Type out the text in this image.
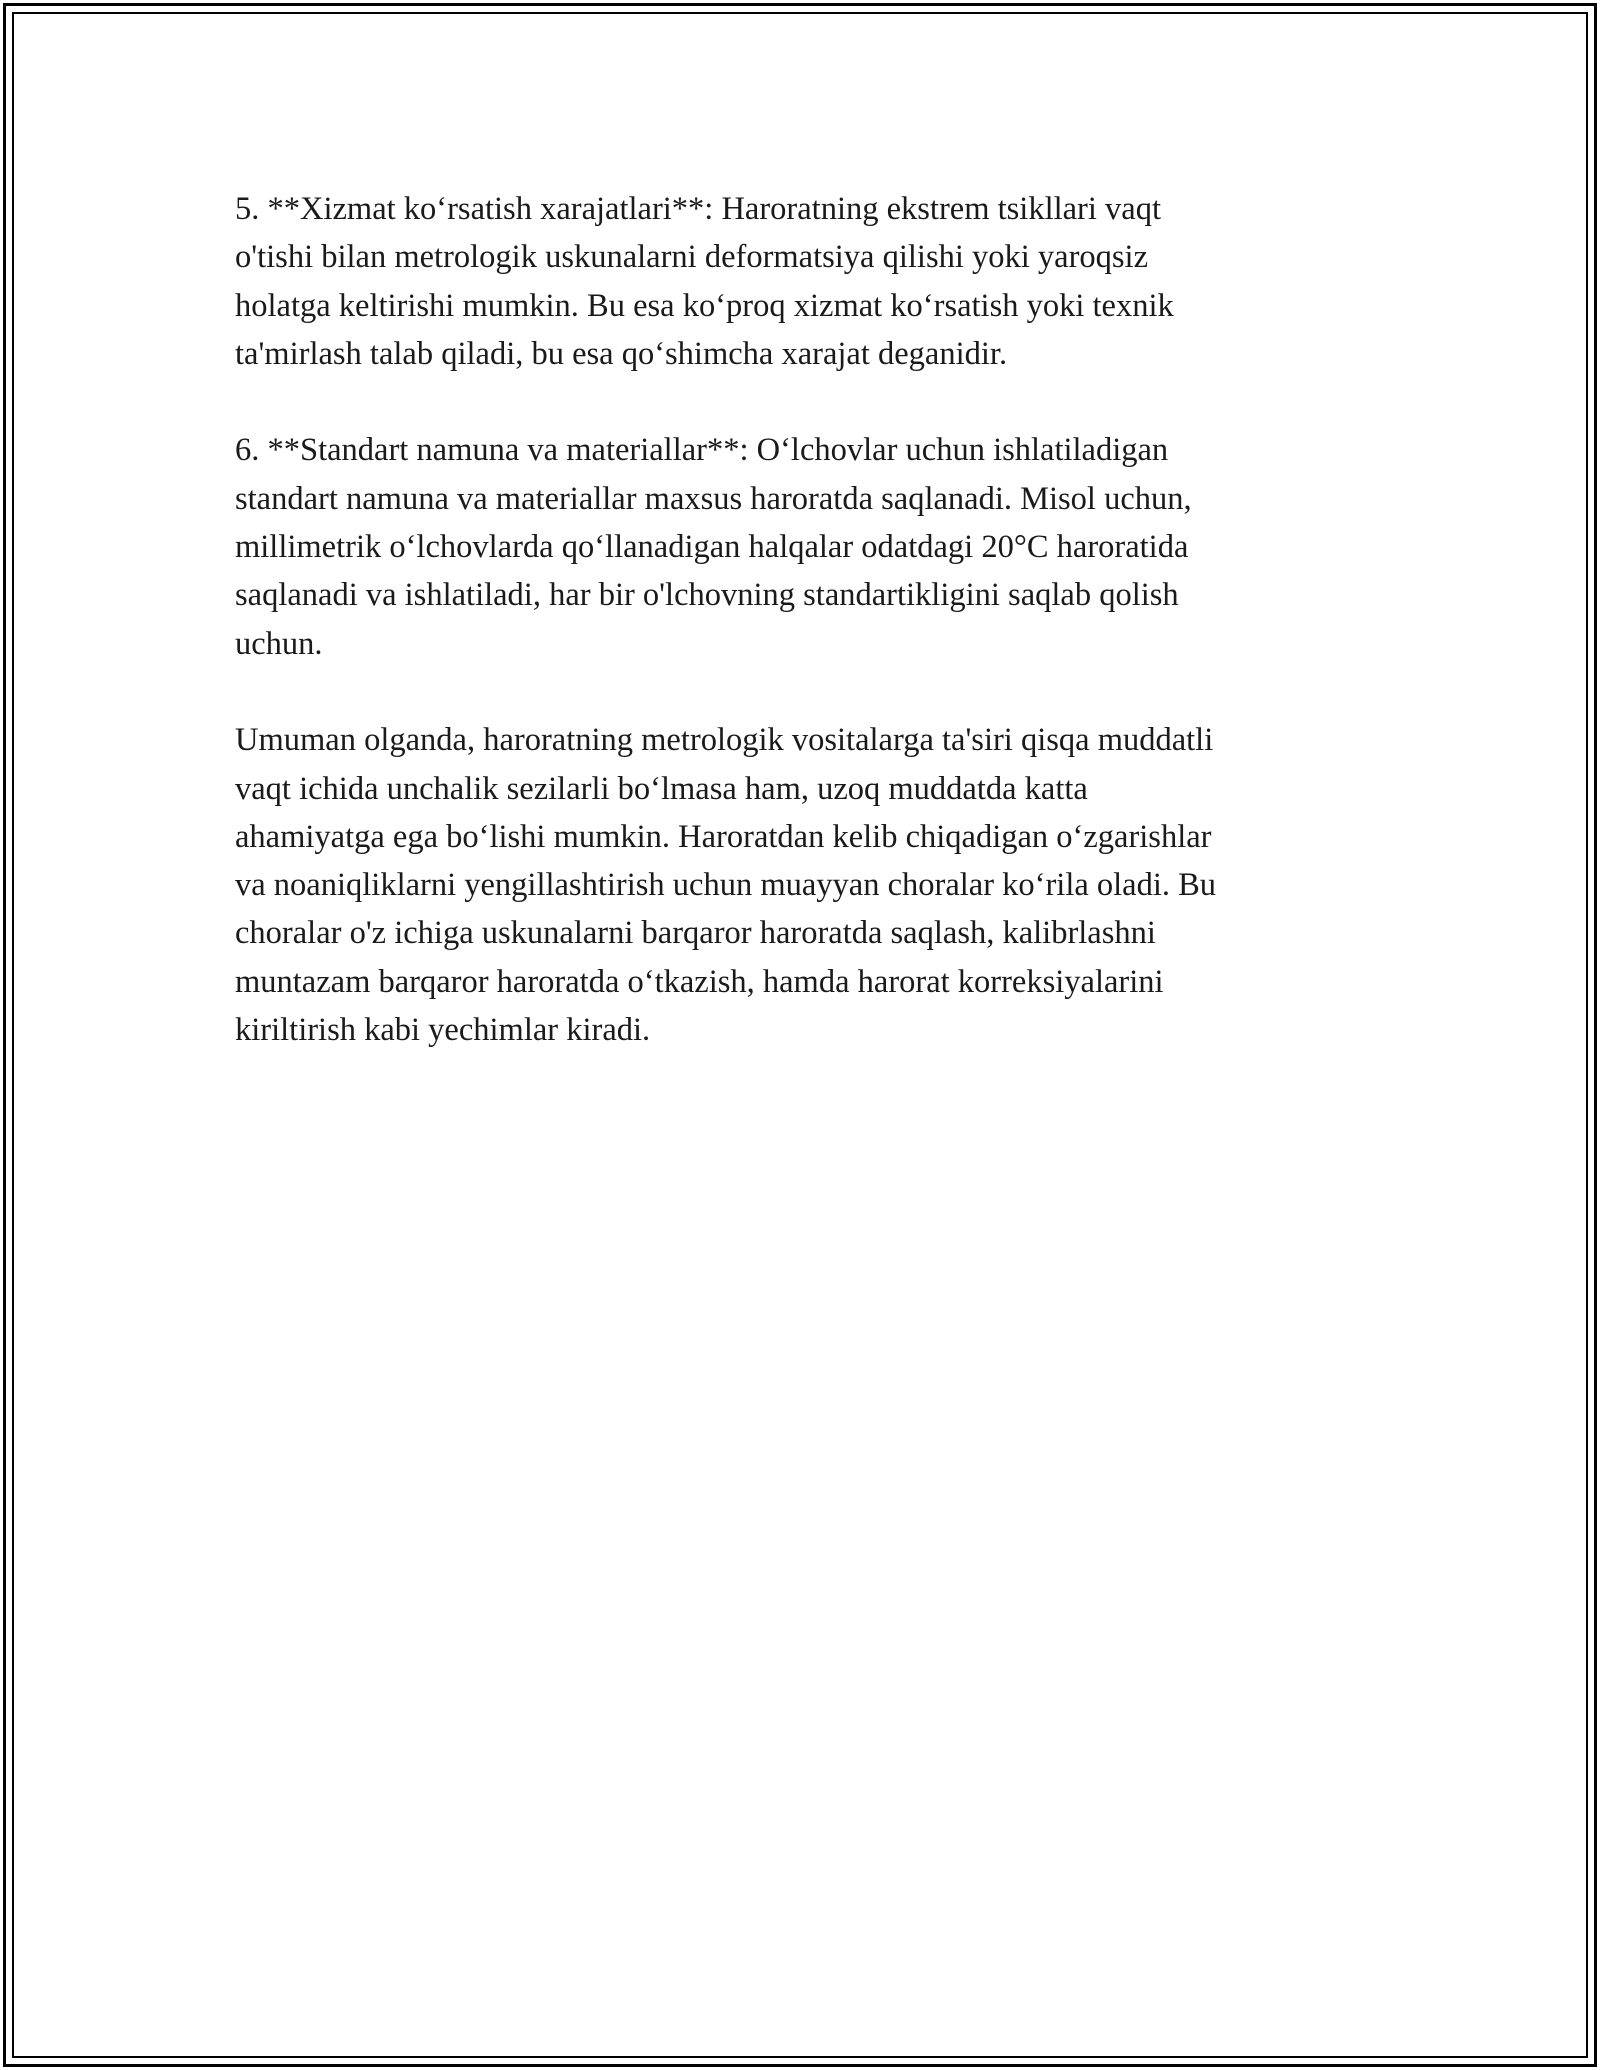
5. **Xizmat koʻrsatish xarajatlari**: Haroratning ekstrem tsikllari vaqt
o'tishi bilan metrologik uskunalarni deformatsiya qilishi yoki yaroqsiz
holatga keltirishi mumkin. Bu esa koʻproq xizmat koʻrsatish yoki texnik
ta'mirlash talab qiladi, bu esa qoʻshimcha xarajat deganidir.

6. **Standart namuna va materiallar**: Oʻlchovlar uchun ishlatiladigan
standart namuna va materiallar maxsus haroratda saqlanadi. Misol uchun,
millimetrik oʻlchovlarda qoʻllanadigan halqalar odatdagi 20°C haroratida
saqlanadi va ishlatiladi, har bir o'lchovning standartikligini saqlab qolish
uchun.

Umuman olganda, haroratning metrologik vositalarga ta'siri qisqa muddatli
vaqt ichida unchalik sezilarli boʻlmasa ham, uzoq muddatda katta
ahamiyatga ega boʻlishi mumkin. Haroratdan kelib chiqadigan oʻzgarishlar
va noaniqliklarni yengillashtirish uchun muayyan choralar koʻrila oladi. Bu
choralar o'z ichiga uskunalarni barqaror haroratda saqlash, kalibrlashni
muntazam barqaror haroratda oʻtkazish, hamda harorat korreksiyalarini
kiriltirish kabi yechimlar kiradi.
